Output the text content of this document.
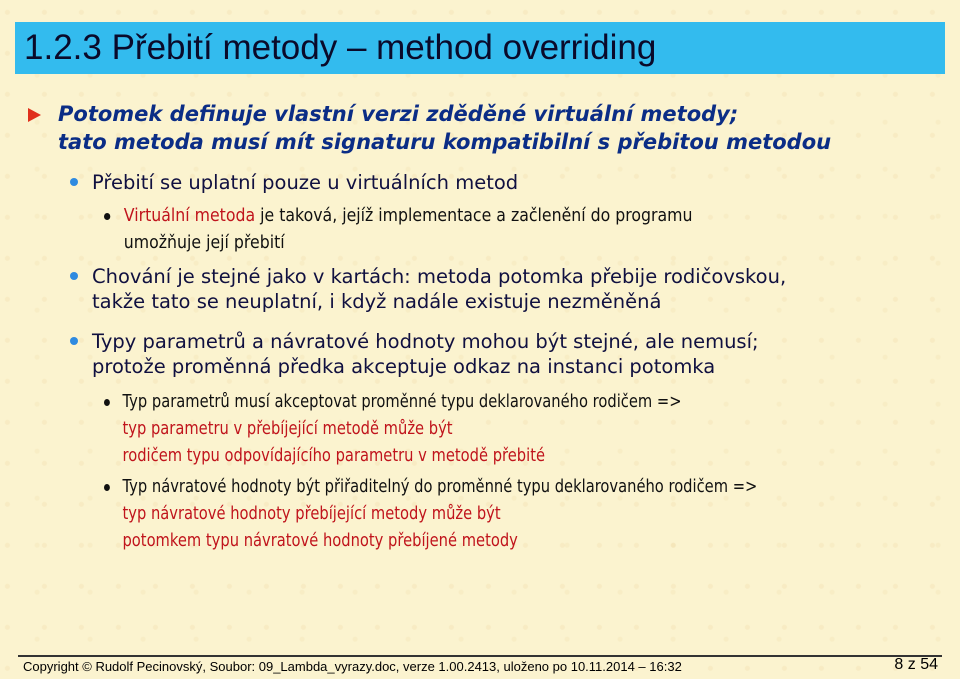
1.2.3 Přebití metody – method overriding
Potomek definuje vlastní verzi zděděné virtuální metody;
tato metoda musí mít signaturu kompatibilní s přebitou metodou
Přebití se uplatní pouze u virtuálních metod
Virtuální metoda je taková, jejíž implementace a začlenění do programu
umožňuje její přebití
Chování je stejné jako v kartách: metoda potomka přebije rodičovskou,
takže tato se neuplatní, i když nadále existuje nezměněná
Typy parametrů a návratové hodnoty mohou být stejné, ale nemusí;
protože proměnná předka akceptuje odkaz na instanci potomka
Typ parametrů musí akceptovat proměnné typu deklarovaného rodičem =>
typ parametru v přebíjející metodě může být
rodičem typu odpovídajícího parametru v metodě přebité
Typ návratové hodnoty být přiřaditelný do proměnné typu deklarovaného rodičem =>
typ návratové hodnoty přebíjející metody může být
potomkem typu návratové hodnoty přebíjené metody
Copyright © Rudolf Pecinovský, Soubor: 09_Lambda_vyrazy.doc, verze 1.00.2413, uloženo po 10.11.2014 – 16:32	8 z 54
